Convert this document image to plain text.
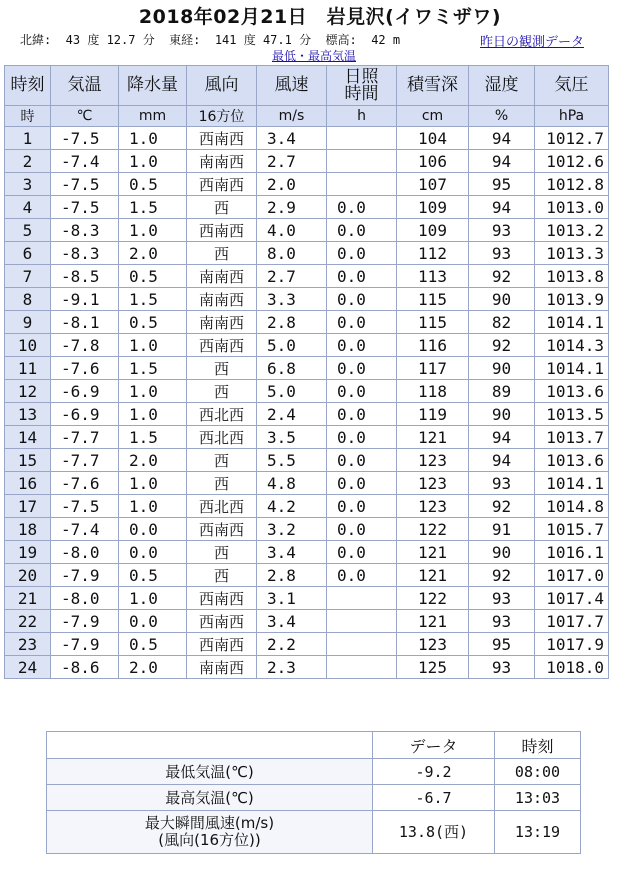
2018年02月21日　岩見沢(イワミザワ)
北緯:  43 度 12.7 分  東経:  141 度 47.1 分  標高:  42 m	昨日の観測データ
最低・最高気温
時刻	気温	降水量	風向	風速	日照時間	積雪深	湿度	気圧
時	℃	mm	16方位	m/s	h	cm	%	hPa
1	-7.5	1.0	西南西	3.4		104	94	1012.7
2	-7.4	1.0	南南西	2.7		106	94	1012.6
3	-7.5	0.5	西南西	2.0		107	95	1012.8
4	-7.5	1.5	西	2.9	0.0	109	94	1013.0
5	-8.3	1.0	西南西	4.0	0.0	109	93	1013.2
6	-8.3	2.0	西	8.0	0.0	112	93	1013.3
7	-8.5	0.5	南南西	2.7	0.0	113	92	1013.8
8	-9.1	1.5	南南西	3.3	0.0	115	90	1013.9
9	-8.1	0.5	南南西	2.8	0.0	115	82	1014.1
10	-7.8	1.0	西南西	5.0	0.0	116	92	1014.3
11	-7.6	1.5	西	6.8	0.0	117	90	1014.1
12	-6.9	1.0	西	5.0	0.0	118	89	1013.6
13	-6.9	1.0	西北西	2.4	0.0	119	90	1013.5
14	-7.7	1.5	西北西	3.5	0.0	121	94	1013.7
15	-7.7	2.0	西	5.5	0.0	123	94	1013.6
16	-7.6	1.0	西	4.8	0.0	123	93	1014.1
17	-7.5	1.0	西北西	4.2	0.0	123	92	1014.8
18	-7.4	0.0	西南西	3.2	0.0	122	91	1015.7
19	-8.0	0.0	西	3.4	0.0	121	90	1016.1
20	-7.9	0.5	西	2.8	0.0	121	92	1017.0
21	-8.0	1.0	西南西	3.1		122	93	1017.4
22	-7.9	0.0	西南西	3.4		121	93	1017.7
23	-7.9	0.5	西南西	2.2		123	95	1017.9
24	-8.6	2.0	南南西	2.3		125	93	1018.0
	データ	時刻
最低気温(℃)	-9.2	08:00
最高気温(℃)	-6.7	13:03
最大瞬間風速(m/s)
(風向(16方位))	13.8(西)	13:19
